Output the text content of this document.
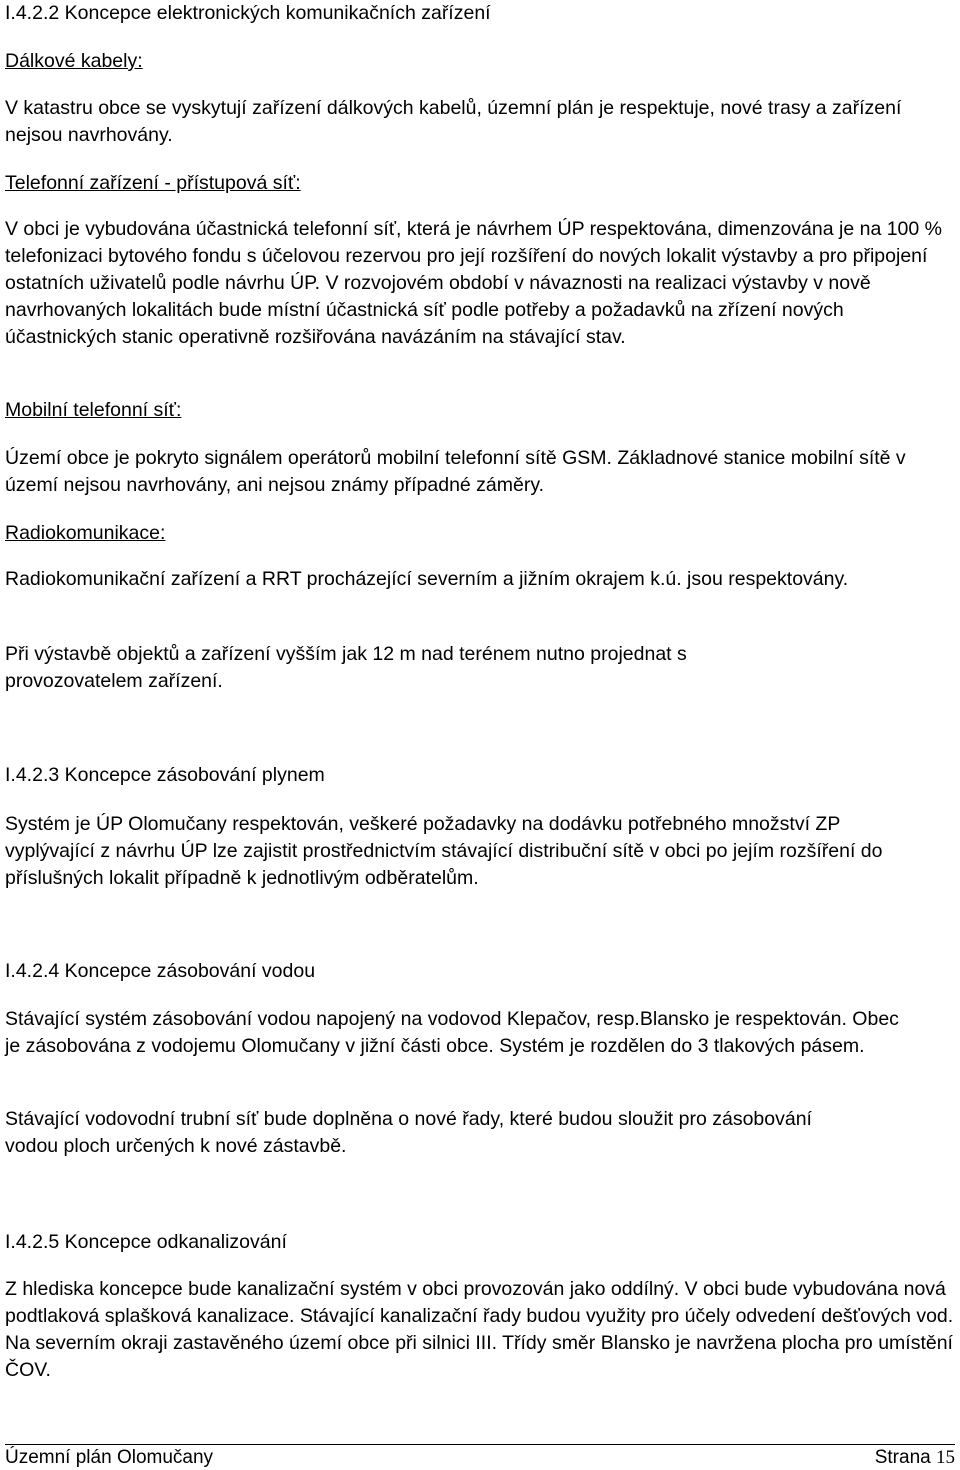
I.4.2.2 Koncepce elektronických komunikačních zařízení

Dálkové kabely:

V katastru obce se vyskytují zařízení dálkových kabelů, územní plán je respektuje, nové trasy a zařízení nejsou navrhovány.

Telefonní zařízení - přístupová síť:

V obci je vybudována účastnická telefonní síť, která je návrhem ÚP respektována, dimenzována je na 100 % telefonizaci bytového fondu s účelovou rezervou pro její rozšíření do nových lokalit výstavby a pro připojení ostatních uživatelů podle návrhu ÚP. V rozvojovém období v návaznosti na realizaci výstavby v nově navrhovaných lokalitách bude místní účastnická síť podle potřeby a požadavků na zřízení nových účastnických stanic operativně rozšiřována navázáním na stávající stav.

Mobilní telefonní síť:

Území obce je pokryto signálem operátorů mobilní telefonní sítě GSM. Základnové stanice mobilní sítě v území nejsou navrhovány, ani nejsou známy případné záměry.

Radiokomunikace:

Radiokomunikační zařízení a RRT procházející severním a jižním okrajem k.ú. jsou respektovány.

Při výstavbě objektů a zařízení vyšším jak 12 m nad terénem nutno projednat s provozovatelem zařízení.

I.4.2.3 Koncepce zásobování plynem

Systém je ÚP Olomučany respektován, veškeré požadavky na dodávku potřebného množství ZP vyplývající z návrhu ÚP lze zajistit prostřednictvím stávající distribuční sítě v obci po jejím rozšíření do příslušných lokalit případně k jednotlivým odběratelům.

I.4.2.4 Koncepce zásobování vodou

Stávající systém zásobování vodou napojený na vodovod Klepačov, resp.Blansko je respektován. Obec je zásobována z vodojemu Olomučany v jižní části obce. Systém je rozdělen do 3 tlakových pásem.

Stávající vodovodní trubní síť bude doplněna o nové řady, které budou sloužit pro zásobování vodou ploch určených k nové zástavbě.

I.4.2.5 Koncepce odkanalizování

Z hlediska koncepce bude kanalizační systém v obci provozován jako oddílný. V obci bude vybudována nová podtlaková splašková kanalizace. Stávající kanalizační řady budou využity pro účely odvedení dešťových vod. Na severním okraji zastavěného území obce při silnici III. Třídy směr Blansko je navržena plocha pro umístění ČOV.

Územní plán Olomučany	Strana 15
